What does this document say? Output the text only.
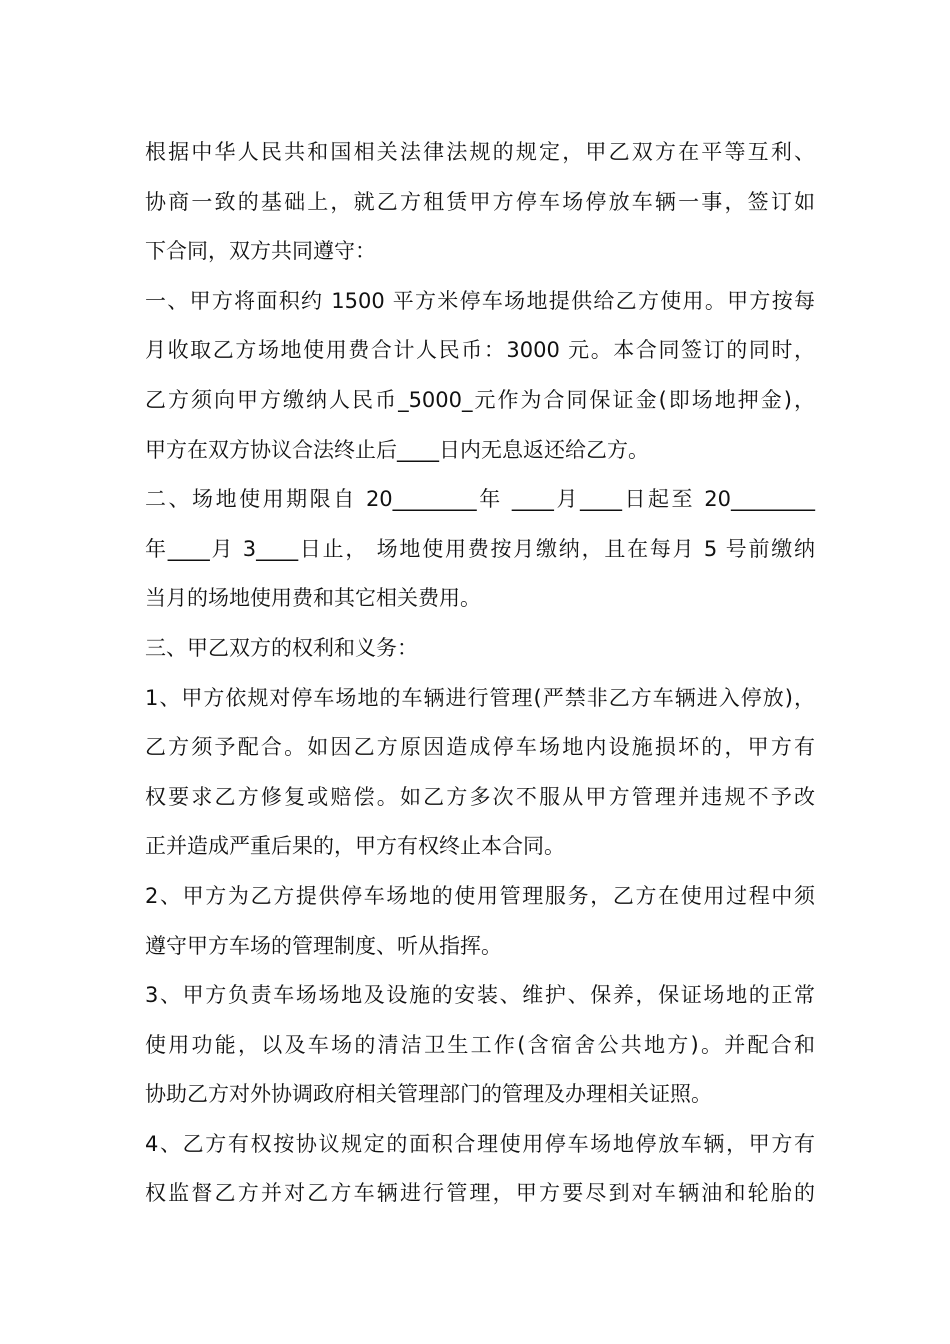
根据中华人民共和国相关法律法规的规定，甲乙双方在平等互利、
协商一致的基础上，就乙方租赁甲方停车场停放车辆一事，签订如
下合同，双方共同遵守：
一、甲方将面积约 1500 平方米停车场地提供给乙方使用。甲方按每
月收取乙方场地使用费合计人民币：3000 元。本合同签订的同时，
乙方须向甲方缴纳人民币_5000_元作为合同保证金(即场地押金)，
甲方在双方协议合法终止后____日内无息返还给乙方。
二、场地使用期限自 20________年 ____月____日起至 20________
年____月 3____日止， 场地使用费按月缴纳，且在每月 5 号前缴纳
当月的场地使用费和其它相关费用。
三、甲乙双方的权利和义务：
1、甲方依规对停车场地的车辆进行管理(严禁非乙方车辆进入停放)，
乙方须予配合。如因乙方原因造成停车场地内设施损坏的，甲方有
权要求乙方修复或赔偿。如乙方多次不服从甲方管理并违规不予改
正并造成严重后果的，甲方有权终止本合同。
2、甲方为乙方提供停车场地的使用管理服务，乙方在使用过程中须
遵守甲方车场的管理制度、听从指挥。
3、甲方负责车场场地及设施的安装、维护、保养，保证场地的正常
使用功能，以及车场的清洁卫生工作(含宿舍公共地方)。并配合和
协助乙方对外协调政府相关管理部门的管理及办理相关证照。
4、乙方有权按协议规定的面积合理使用停车场地停放车辆，甲方有
权监督乙方并对乙方车辆进行管理，甲方要尽到对车辆油和轮胎的
